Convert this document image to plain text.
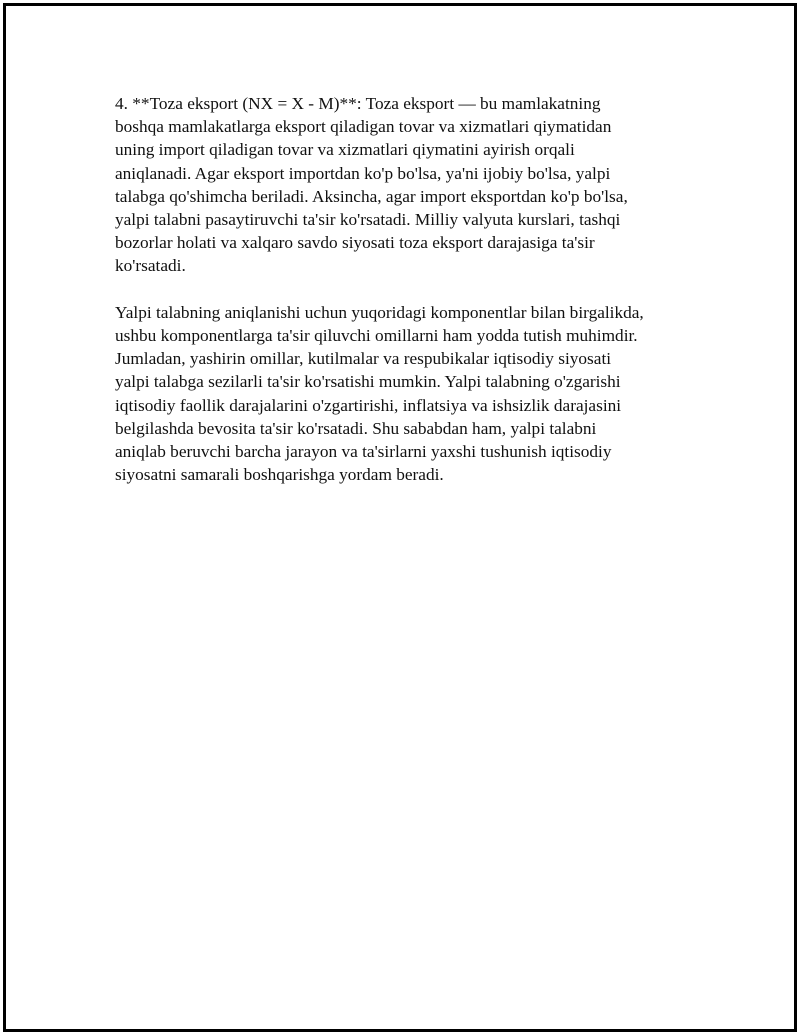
4. **Toza eksport (NX = X - M)**: Toza eksport — bu mamlakatning
boshqa mamlakatlarga eksport qiladigan tovar va xizmatlari qiymatidan
uning import qiladigan tovar va xizmatlari qiymatini ayirish orqali
aniqlanadi. Agar eksport importdan ko'p bo'lsa, ya'ni ijobiy bo'lsa, yalpi
talabga qo'shimcha beriladi. Aksincha, agar import eksportdan ko'p bo'lsa,
yalpi talabni pasaytiruvchi ta'sir ko'rsatadi. Milliy valyuta kurslari, tashqi
bozorlar holati va xalqaro savdo siyosati toza eksport darajasiga ta'sir
ko'rsatadi.

Yalpi talabning aniqlanishi uchun yuqoridagi komponentlar bilan birgalikda,
ushbu komponentlarga ta'sir qiluvchi omillarni ham yodda tutish muhimdir.
Jumladan, yashirin omillar, kutilmalar va respubikalar iqtisodiy siyosati
yalpi talabga sezilarli ta'sir ko'rsatishi mumkin. Yalpi talabning o'zgarishi
iqtisodiy faollik darajalarini o'zgartirishi, inflatsiya va ishsizlik darajasini
belgilashda bevosita ta'sir ko'rsatadi. Shu sababdan ham, yalpi talabni
aniqlab beruvchi barcha jarayon va ta'sirlarni yaxshi tushunish iqtisodiy
siyosatni samarali boshqarishga yordam beradi.
